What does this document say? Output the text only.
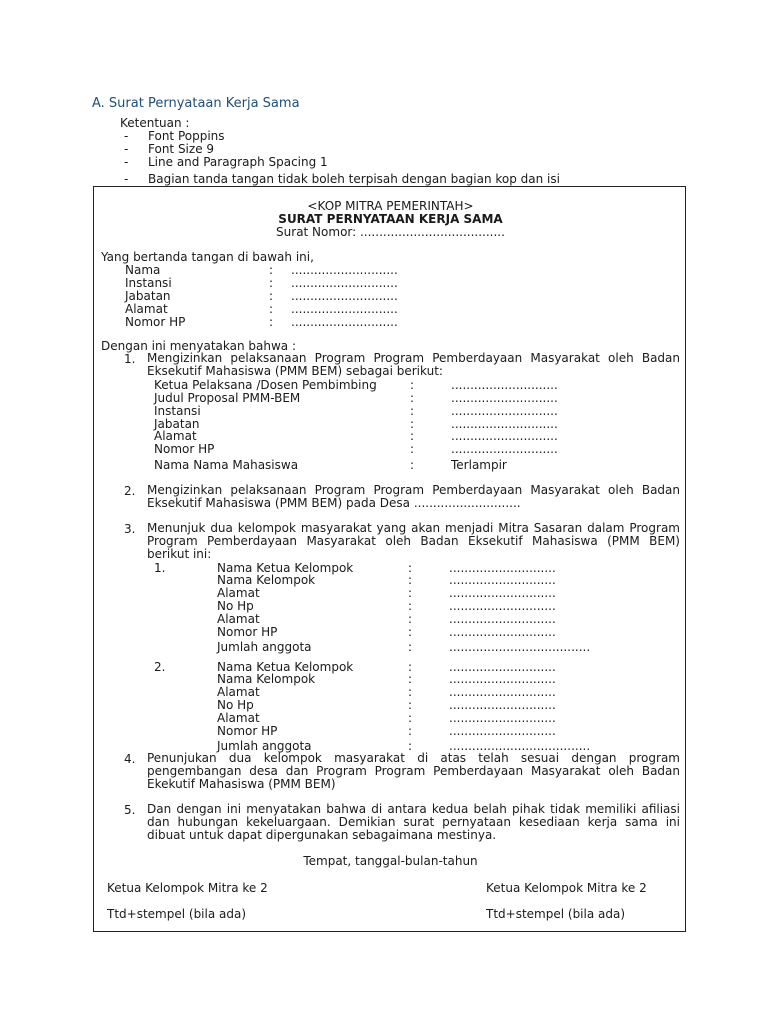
A. Surat Pernyataan Kerja Sama
Ketentuan :
- Font Poppins
- Font Size 9
- Line and Paragraph Spacing 1
- Bagian tanda tangan tidak boleh terpisah dengan bagian kop dan isi
<KOP MITRA PEMERINTAH>
SURAT PERNYATAAN KERJA SAMA
Surat Nomor: ......................................
Yang bertanda tangan di bawah ini,
Nama	: ............................
Instansi	: ............................
Jabatan	: ............................
Alamat	: ............................
Nomor HP	: ............................
Dengan ini menyatakan bahwa :
1. Mengizinkan pelaksanaan Program Program Pemberdayaan Masyarakat oleh Badan Eksekutif Mahasiswa (PMM BEM) sebagai berikut:
Ketua Pelaksana /Dosen Pembimbing	:	............................
Judul Proposal PMM-BEM	:	............................
Instansi	:	............................
Jabatan	:	............................
Alamat	:	............................
Nomor HP	:	............................
Nama Nama Mahasiswa	:	Terlampir
2. Mengizinkan pelaksanaan Program Program Pemberdayaan Masyarakat oleh Badan Eksekutif Mahasiswa (PMM BEM) pada Desa ............................
3. Menunjuk dua kelompok masyarakat yang akan menjadi Mitra Sasaran dalam Program Program Pemberdayaan Masyarakat oleh Badan Eksekutif Mahasiswa (PMM BEM) berikut ini:
1.	Nama Ketua Kelompok	:	............................
Nama Kelompok	:	............................
Alamat	:	............................
No Hp	:	............................
Alamat	:	............................
Nomor HP	:	............................
Jumlah anggota	:	.....................................
2.	Nama Ketua Kelompok	:	............................
Nama Kelompok	:	............................
Alamat	:	............................
No Hp	:	............................
Alamat	:	............................
Nomor HP	:	............................
Jumlah anggota	:	.....................................
4. Penunjukan dua kelompok masyarakat di atas telah sesuai dengan program pengembangan desa dan Program Program Pemberdayaan Masyarakat oleh Badan Ekekutif Mahasiswa (PMM BEM)
5. Dan dengan ini menyatakan bahwa di antara kedua belah pihak tidak memiliki afiliasi dan hubungan kekeluargaan. Demikian surat pernyataan kesediaan kerja sama ini dibuat untuk dapat dipergunakan sebagaimana mestinya.
Tempat, tanggal-bulan-tahun
Ketua Kelompok Mitra ke 2	Ketua Kelompok Mitra ke 2
Ttd+stempel (bila ada)	Ttd+stempel (bila ada)
